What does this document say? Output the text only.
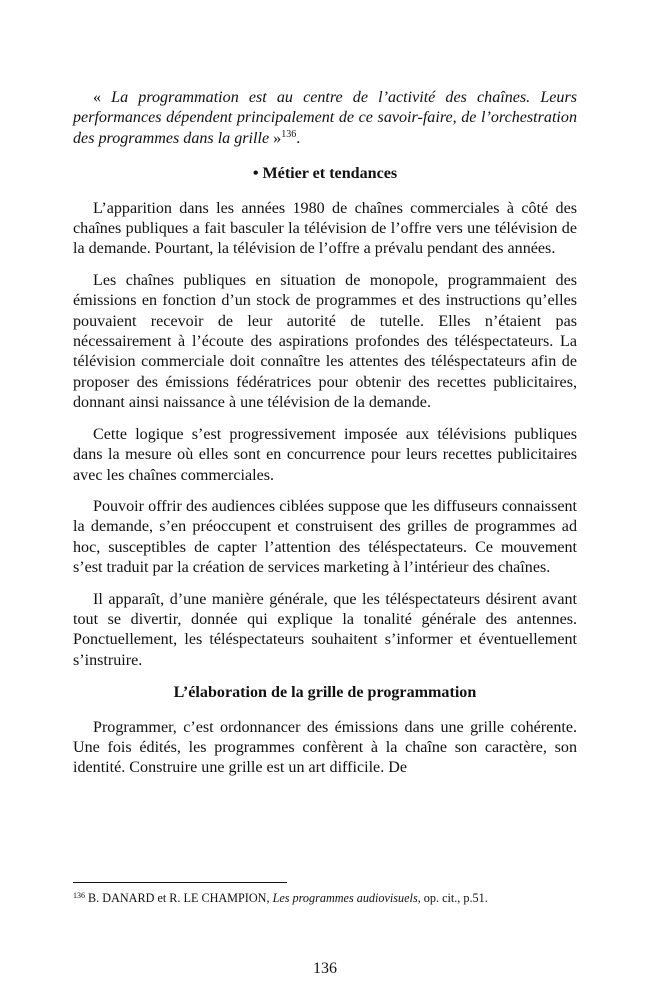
« La programmation est au centre de l’activité des chaînes. Leurs performances dépendent principalement de ce savoir-faire, de l’orchestration des programmes dans la grille »$^{136}$.

• Métier et tendances

L’apparition dans les années 1980 de chaînes commerciales à côté des chaînes publiques a fait basculer la télévision de l’offre vers une télévision de la demande. Pourtant, la télévision de l’offre a prévalu pendant des années.

Les chaînes publiques en situation de monopole, programmaient des émissions en fonction d’un stock de programmes et des instructions qu’elles pouvaient recevoir de leur autorité de tutelle. Elles n’étaient pas nécessairement à l’écoute des aspirations profondes des téléspectateurs. La télévision commerciale doit connaître les attentes des téléspectateurs afin de proposer des émissions fédératrices pour obtenir des recettes publicitaires, donnant ainsi naissance à une télévision de la demande.

Cette logique s’est progressivement imposée aux télévisions publiques dans la mesure où elles sont en concurrence pour leurs recettes publicitaires avec les chaînes commerciales.

Pouvoir offrir des audiences ciblées suppose que les diffuseurs connaissent la demande, s’en préoccupent et construisent des grilles de programmes ad hoc, susceptibles de capter l’attention des téléspectateurs. Ce mouvement s’est traduit par la création de services marketing à l’intérieur des chaînes.

Il apparaît, d’une manière générale, que les téléspectateurs désirent avant tout se divertir, donnée qui explique la tonalité générale des antennes. Ponctuellement, les téléspectateurs souhaitent s’informer et éventuellement s’instruire.

L’élaboration de la grille de programmation

Programmer, c’est ordonnancer des émissions dans une grille cohérente. Une fois édités, les programmes confèrent à la chaîne son caractère, son identité. Construire une grille est un art difficile. De

$^{136}$ B. DANARD et R. LE CHAMPION, Les programmes audiovisuels, op. cit., p.51.
136
